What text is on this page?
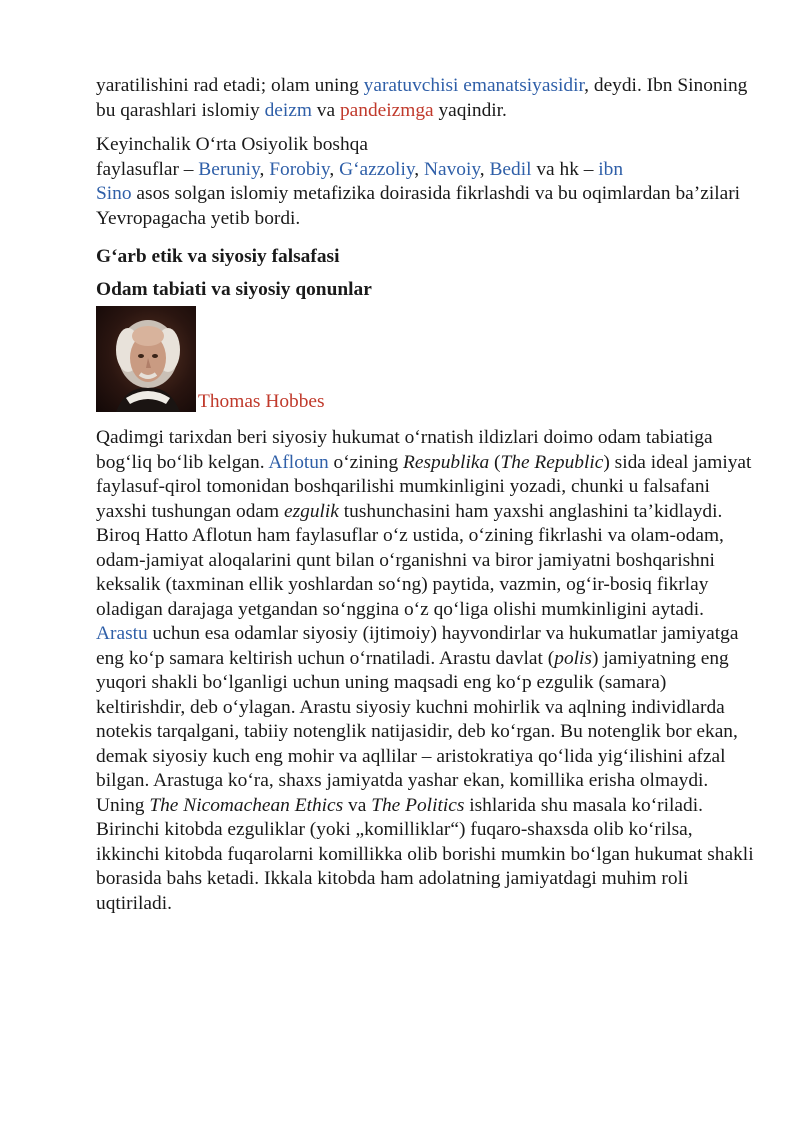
yaratilishini rad etadi; olam uning yaratuvchisi emanatsiyasidir, deydi. Ibn Sinoning bu qarashlari islomiy deizm va pandeizmga yaqindir.

Keyinchalik O‘rta Osiyolik boshqa
faylasuflar – Beruniy, Forobiy, G‘azzoliy, Navoiy, Bedil va hk – ibn
Sino asos solgan islomiy metafizika doirasida fikrlashdi va bu oqimlardan ba’zilari Yevropagacha yetib bordi.

G‘arb etik va siyosiy falsafasi

Odam tabiati va siyosiy qonunlar

Thomas Hobbes

Qadimgi tarixdan beri siyosiy hukumat o‘rnatish ildizlari doimo odam tabiatiga bog‘liq bo‘lib kelgan. Aflotun o‘zining Respublika (The Republic) sida ideal jamiyat faylasuf-qirol tomonidan boshqarilishi mumkinligini yozadi, chunki u falsafani yaxshi tushungan odam ezgulik tushunchasini ham yaxshi anglashini ta’kidlaydi. Biroq Hatto Aflotun ham faylasuflar o‘z ustida, o‘zining fikrlashi va olam-odam, odam-jamiyat aloqalarini qunt bilan o‘rganishni va biror jamiyatni boshqarishni keksalik (taxminan ellik yoshlardan so‘ng) paytida, vazmin, og‘ir-bosiq fikrlay oladigan darajaga yetgandan so‘nggina o‘z qo‘liga olishi mumkinligini aytadi. Arastu uchun esa odamlar siyosiy (ijtimoiy) hayvondirlar va hukumatlar jamiyatga eng ko‘p samara keltirish uchun o‘rnatiladi. Arastu davlat (polis) jamiyatning eng yuqori shakli bo‘lganligi uchun uning maqsadi eng ko‘p ezgulik (samara) keltirishdir, deb o‘ylagan. Arastu siyosiy kuchni mohirlik va aqlning individlarda notekis tarqalgani, tabiiy notenglik natijasidir, deb ko‘rgan. Bu notenglik bor ekan, demak siyosiy kuch eng mohir va aqllilar – aristokratiya qo‘lida yig‘ilishini afzal bilgan. Arastuga ko‘ra, shaxs jamiyatda yashar ekan, komillika erisha olmaydi. Uning The Nicomachean Ethics va The Politics ishlarida shu masala ko‘riladi. Birinchi kitobda ezguliklar (yoki „komilliklar“) fuqaro-shaxsda olib ko‘rilsa, ikkinchi kitobda fuqarolarni komillikka olib borishi mumkin bo‘lgan hukumat shakli borasida bahs ketadi. Ikkala kitobda ham adolatning jamiyatdagi muhim roli uqtiriladi.
